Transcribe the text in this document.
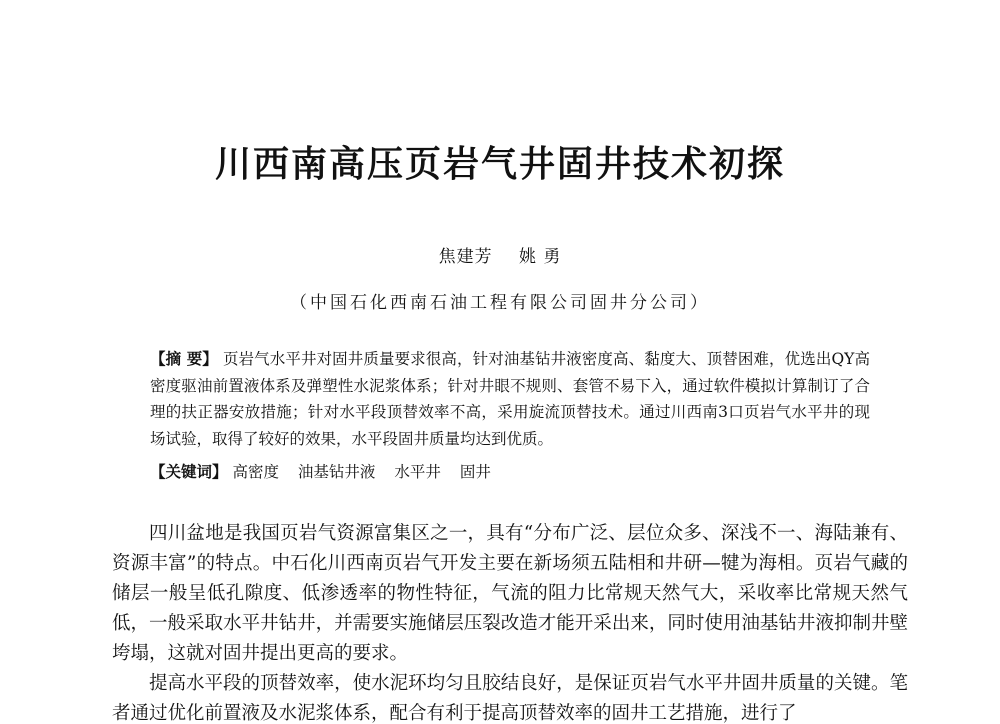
川西南高压页岩气井固井技术初探
焦建芳 姚 勇
（中国石化西南石油工程有限公司固井分公司）
【摘 要】 页岩气水平井对固井质量要求很高，针对油基钻井液密度高、黏度大、顶替困难，优选出QY高密度驱油前置液体系及弹塑性水泥浆体系；针对井眼不规则、套管不易下入，通过软件模拟计算制订了合理的扶正器安放措施；针对水平段顶替效率不高，采用旋流顶替技术。通过川西南3口页岩气水平井的现场试验，取得了较好的效果，水平段固井质量均达到优质。
【关键词】 高密度 油基钻井液 水平井 固井

四川盆地是我国页岩气资源富集区之一，具有“分布广泛、层位众多、深浅不一、海陆兼有、资源丰富”的特点。中石化川西南页岩气开发主要在新场须五陆相和井研—犍为海相。页岩气藏的储层一般呈低孔隙度、低渗透率的物性特征，气流的阻力比常规天然气大，采收率比常规天然气低，一般采取水平井钻井，并需要实施储层压裂改造才能开采出来，同时使用油基钻井液抑制井壁垮塌，这就对固井提出更高的要求。

提高水平段的顶替效率，使水泥环均匀且胶结良好，是保证页岩气水平井固井质量的关键。笔者通过优化前置液及水泥浆体系，配合有利于提高顶替效率的固井工艺措施，进行了
